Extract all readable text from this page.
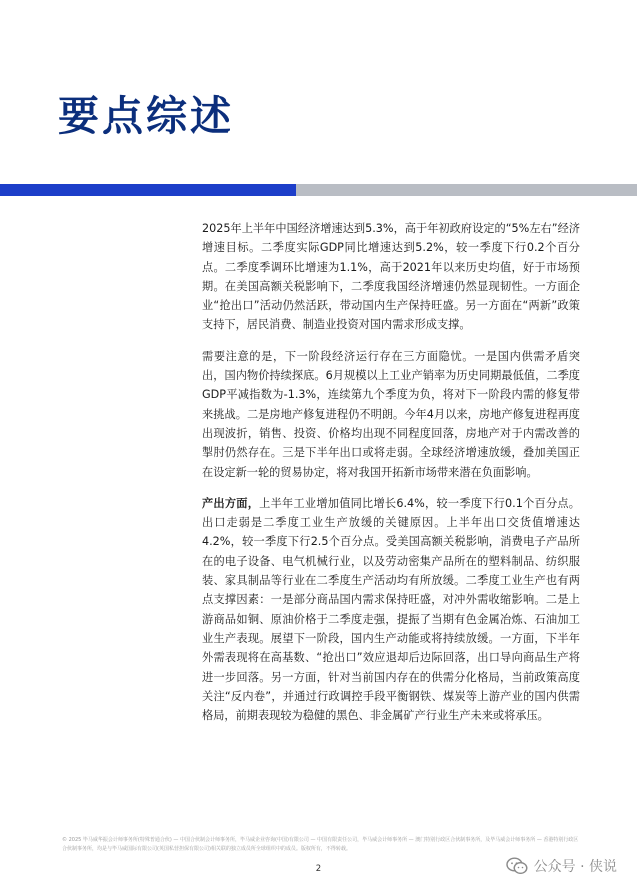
要点综述

2025年上半年中国经济增速达到5.3%，高于年初政府设定的“5%左右”经济增速目标。二季度实际GDP同比增速达到5.2%，较一季度下行0.2个百分点。二季度季调环比增速为1.1%，高于2021年以来历史均值，好于市场预期。在美国高额关税影响下，二季度我国经济增速仍然显现韧性。一方面企业“抢出口”活动仍然活跃，带动国内生产保持旺盛。另一方面在“两新”政策支持下，居民消费、制造业投资对国内需求形成支撑。

需要注意的是，下一阶段经济运行存在三方面隐忧。一是国内供需矛盾突出，国内物价持续探底。6月规模以上工业产销率为历史同期最低值，二季度GDP平减指数为-1.3%，连续第九个季度为负，将对下一阶段内需的修复带来挑战。二是房地产修复进程仍不明朗。今年4月以来，房地产修复进程再度出现波折，销售、投资、价格均出现不同程度回落，房地产对于内需改善的掣肘仍然存在。三是下半年出口或将走弱。全球经济增速放缓，叠加美国正在设定新一轮的贸易协定，将对我国开拓新市场带来潜在负面影响。

产出方面，上半年工业增加值同比增长6.4%，较一季度下行0.1个百分点。出口走弱是二季度工业生产放缓的关键原因。上半年出口交货值增速达4.2%，较一季度下行2.5个百分点。受美国高额关税影响，消费电子产品所在的电子设备、电气机械行业，以及劳动密集产品所在的塑料制品、纺织服装、家具制品等行业在二季度生产活动均有所放缓。二季度工业生产也有两点支撑因素：一是部分商品国内需求保持旺盛，对冲外需收缩影响。二是上游商品如铜、原油价格于二季度走强，提振了当期有色金属冶炼、石油加工业生产表现。展望下一阶段，国内生产动能或将持续放缓。一方面，下半年外需表现将在高基数、“抢出口”效应退却后边际回落，出口导向商品生产将进一步回落。另一方面，针对当前国内存在的供需分化格局，当前政策高度关注“反内卷”，并通过行政调控手段平衡钢铁、煤炭等上游产业的国内供需格局，前期表现较为稳健的黑色、非金属矿产行业生产未来或将承压。

© 2025 毕马威华振会计师事务所(特殊普通合伙) — 中国合伙制会计师事务所，毕马威企业咨询(中国)有限公司 — 中国有限责任公司，毕马威会计师事务所 — 澳门特别行政区合伙制事务所，及毕马威会计师事务所 — 香港特别行政区合伙制事务所，均是与毕马威国际有限公司(英国私营担保有限公司)相关联的独立成员所全球组织中的成员。版权所有，不得转载。
2	公众号 · 侠说
